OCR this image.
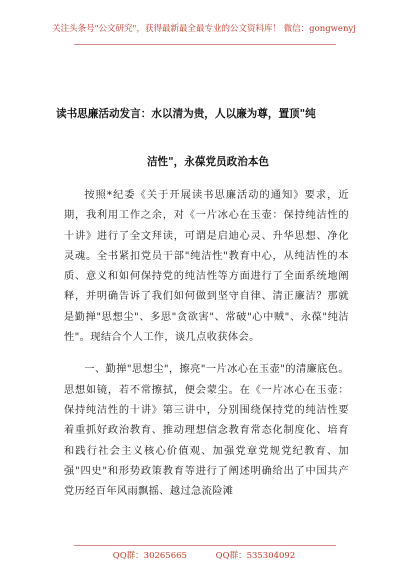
关注头条号"公文研究"，获得最新最全最专业的公文资料库！ 微信：gongwenyj
读书思廉活动发言：水以清为贵，人以廉为尊，置顶"纯
洁性"，永葆党员政治本色

按照*纪委《关于开展读书思廉活动的通知》要求，近期，我利用工作之余，对《一片冰心在玉壶：保持纯洁性的十讲》进行了全文拜读，可谓是启迪心灵、升华思想、净化灵魂。全书紧扣党员干部"纯洁性"教育中心，从纯洁性的本质、意义和如何保持党的纯洁性等方面进行了全面系统地阐释，并明确告诉了我们如何做到坚守自律、清正廉洁？那就是勤掸"思想尘"、多思"贪欲害"、常破"心中贼"、永葆"纯洁性"。现结合个人工作，谈几点收获体会。

一、勤掸"思想尘"，擦亮"一片冰心在玉壶"的清廉底色。思想如镜，若不常擦拭，便会蒙尘。在《一片冰心在玉壶：保持纯洁性的十讲》第三讲中，分别围绕保持党的纯洁性要着重抓好政治教育、推动理想信念教育常态化制度化、培育和践行社会主义核心价值观、加强党章党规党纪教育、加强"四史"和形势政策教育等进行了阐述明确给出了中国共产党历经百年风雨飘摇、越过急流险滩

QQ群：30265665	QQ群：535304092
